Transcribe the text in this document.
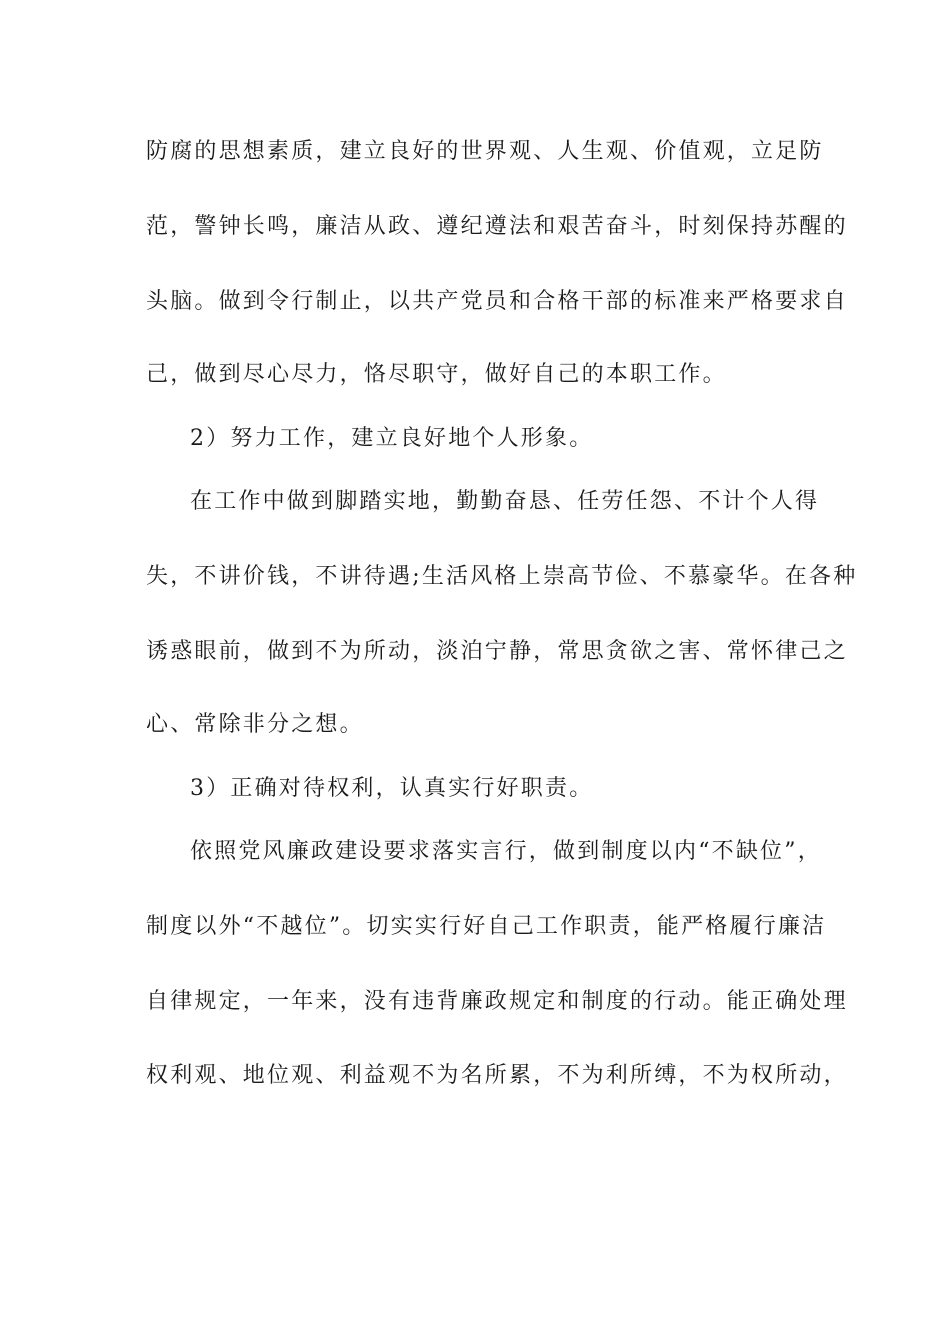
防腐的思想素质，建立良好的世界观、人生观、价值观，立足防
范，警钟长鸣，廉洁从政、遵纪遵法和艰苦奋斗，时刻保持苏醒的
头脑。做到令行制止，以共产党员和合格干部的标准来严格要求自
己，做到尽心尽力，恪尽职守，做好自己的本职工作。
2）努力工作，建立良好地个人形象。
在工作中做到脚踏实地，勤勤奋恳、任劳任怨、不计个人得
失，不讲价钱，不讲待遇;生活风格上崇高节俭、不慕豪华。在各种
诱惑眼前，做到不为所动，淡泊宁静，常思贪欲之害、常怀律己之
心、常除非分之想。
3）正确对待权利，认真实行好职责。
依照党风廉政建设要求落实言行，做到制度以内“不缺位”，
制度以外“不越位”。切实实行好自己工作职责，能严格履行廉洁
自律规定，一年来，没有违背廉政规定和制度的行动。能正确处理
权利观、地位观、利益观不为名所累，不为利所缚，不为权所动，
